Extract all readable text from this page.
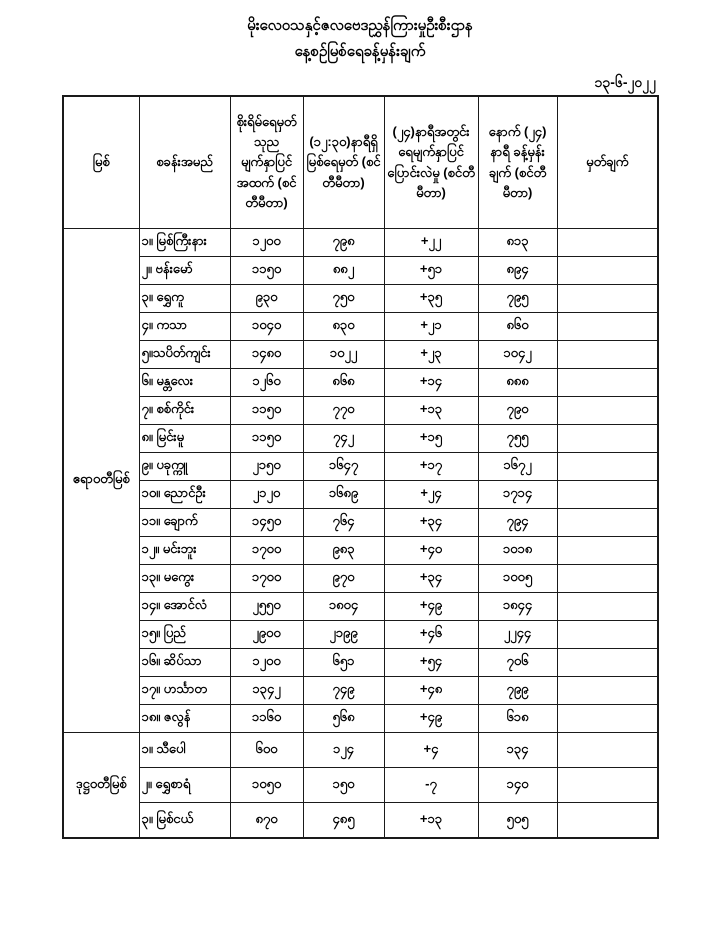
မိုးလေဝသနှင့်ဇလဗေဒညွှန်ကြားမှုဦးစီးဌာန
နေ့စဉ်မြစ်ရေခန့်မှန်းချက်
၁၃-၆-၂၀၂၂
မြစ်	စခန်းအမည်	စိုးရိမ်ရေမှတ် သုည မျက်နှာပြင် အထက် (စင်တီမီတာ)	(၁၂:၃၀)နာရီရှိ မြစ်ရေမှတ် (စင်တီမီတာ)	(၂၄)နာရီအတွင်း ရေမျက်နှာပြင် ပြောင်းလဲမှု (စင်တီမီတာ)	နောက် (၂၄) နာရီ ခန့်မှန်းချက် (စင်တီမီတာ)	မှတ်ချက်
ဧရာဝတီမြစ်	၁။ မြစ်ကြီးနား	၁၂၀၀	၇၉၈	+၂၂	၈၁၃	
	၂။ ဗန်းမော်	၁၁၅၀	၈၈၂	+၅၁	၈၉၄	
	၃။ ရွှေကူ	၉၃၀	၇၅၀	+၃၅	၇၉၅	
	၄။ ကသာ	၁၀၄၀	၈၃၀	+၂၁	၈၆၀	
	၅။သပိတ်ကျင်း	၁၄၈၀	၁၀၂၂	+၂၃	၁၀၄၂	
	၆။ မန္တလေး	၁၂၆၀	၈၆၈	+၁၄	၈၈၈	
	၇။ စစ်ကိုင်း	၁၁၅၀	၇၇၀	+၁၃	၇၉၀	
	၈။ မြင်းမူ	၁၁၅၀	၇၄၂	+၁၅	၇၅၅	
	၉။ ပခုက္ကူ	၂၁၅၀	၁၆၄၇	+၁၇	၁၆၇၂	
	၁၀။ ညောင်ဦး	၂၁၂၀	၁၆၈၉	+၂၄	၁၇၁၄	
	၁၁။ ချောက်	၁၄၅၀	၇၆၄	+၃၄	၇၉၄	
	၁၂။ မင်းဘူး	၁၇၀၀	၉၈၃	+၄၀	၁၀၁၈	
	၁၃။ မကွေး	၁၇၀၀	၉၇၀	+၃၄	၁၀၀၅	
	၁၄။ အောင်လံ	၂၅၅၀	၁၈၀၄	+၄၉	၁၈၄၄	
	၁၅။ ပြည်	၂၉၀၀	၂၁၉၉	+၄၆	၂၂၄၄	
	၁၆။ ဆိပ်သာ	၁၂၀၀	၆၅၁	+၅၄	၇၀၆	
	၁၇။ ဟင်္သာတ	၁၃၄၂	၇၄၉	+၄၈	၇၉၉	
	၁၈။ ဇလွန်	၁၁၆၀	၅၆၈	+၄၉	၆၁၈	
ဒုဋ္ဌဝတီမြစ်	၁။ သီပေါ	၆၀၀	၁၂၄	+၄	၁၃၄	
	၂။ ရွှေစာရံ	၁၀၅၀	၁၅၀	-၇	၁၄၀	
	၃။ မြစ်ငယ်	၈၇၀	၄၈၅	+၁၃	၅၀၅	
